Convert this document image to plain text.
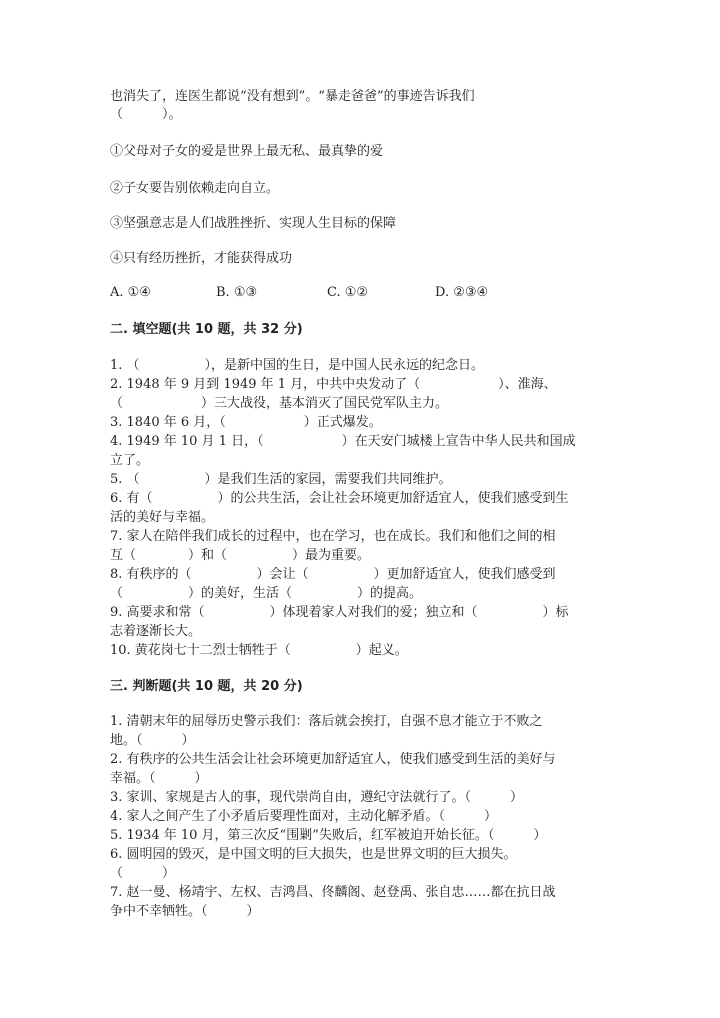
也消失了，连医生都说“没有想到”。“暴走爸爸”的事迹告诉我们
（　　　）。
①父母对子女的爱是世界上最无私、最真挚的爱
②子女要告别依赖走向自立。
③坚强意志是人们战胜挫折、实现人生目标的保障
④只有经历挫折，才能获得成功
A. ①④	B. ①③	C. ①②	D. ②③④
二. 填空题(共 10 题，共 32 分)
1. （　　　　　），是新中国的生日，是中国人民永远的纪念日。
2. 1948 年 9 月到 1949 年 1 月，中共中央发动了（　　　　　　）、淮海、
（　　　　　　）三大战役，基本消灭了国民党军队主力。
3. 1840 年 6 月，（　　　　　　）正式爆发。
4. 1949 年 10 月 1 日，（　　　　　　）在天安门城楼上宣告中华人民共和国成
立了。
5. （　　　　　）是我们生活的家园，需要我们共同维护。
6. 有（　　　　　）的公共生活，会让社会环境更加舒适宜人，使我们感受到生
活的美好与幸福。
7. 家人在陪伴我们成长的过程中，也在学习，也在成长。我们和他们之间的相
互（　　　　）和（　　　　　）最为重要。
8. 有秩序的（　　　　　）会让（　　　　　）更加舒适宜人，使我们感受到
（　　　　　）的美好，生活（　　　　　）的提高。
9. 高要求和常（　　　　　）体现着家人对我们的爱；独立和（　　　　　）标
志着逐渐长大。
10. 黄花岗七十二烈士牺牲于（　　　　　）起义。
三. 判断题(共 10 题，共 20 分)
1. 清朝末年的屈辱历史警示我们：落后就会挨打，自强不息才能立于不败之
地。（　　　）
2. 有秩序的公共生活会让社会环境更加舒适宜人，使我们感受到生活的美好与
幸福。（　　　）
3. 家训、家规是古人的事，现代崇尚自由，遵纪守法就行了。（　　　）
4. 家人之间产生了小矛盾后要理性面对，主动化解矛盾。（　　　）
5. 1934 年 10 月，第三次反“围剿”失败后，红军被迫开始长征。（　　　）
6. 圆明园的毁灭，是中国文明的巨大损失，也是世界文明的巨大损失。
（　　　）
7. 赵一曼、杨靖宇、左权、吉鸿昌、佟麟阁、赵登禹、张自忠……都在抗日战
争中不幸牺牲。（　　　）
